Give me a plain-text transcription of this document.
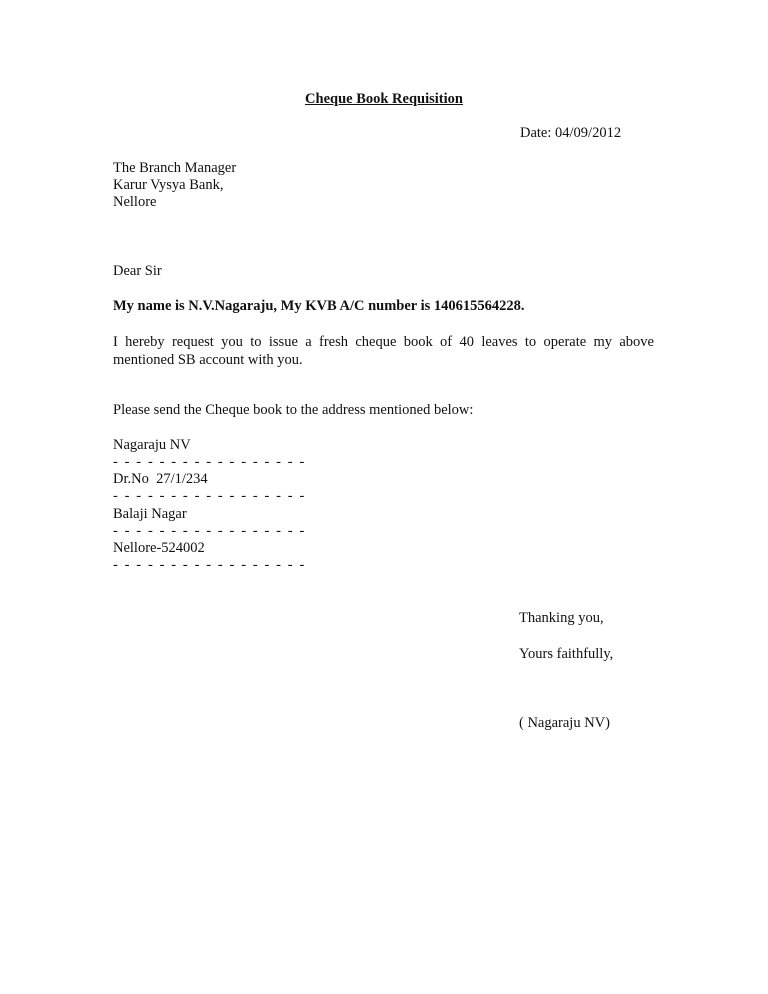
Cheque Book Requisition
Date: 04/09/2012
The Branch Manager
Karur Vysya Bank,
Nellore
Dear Sir
My name is N.V.Nagaraju, My KVB A/C number is 140615564228.
I hereby request you to issue a fresh cheque book of 40 leaves to operate my above mentioned SB account with you.
Please send the Cheque book to the address mentioned below:
Nagaraju NV
- - - - - - - - - - - - - - - - -
Dr.No  27/1/234
- - - - - - - - - - - - - - - - -
Balaji Nagar
- - - - - - - - - - - - - - - - -
Nellore-524002
- - - - - - - - - - - - - - - - -
Thanking you,
Yours faithfully,
( Nagaraju NV)
